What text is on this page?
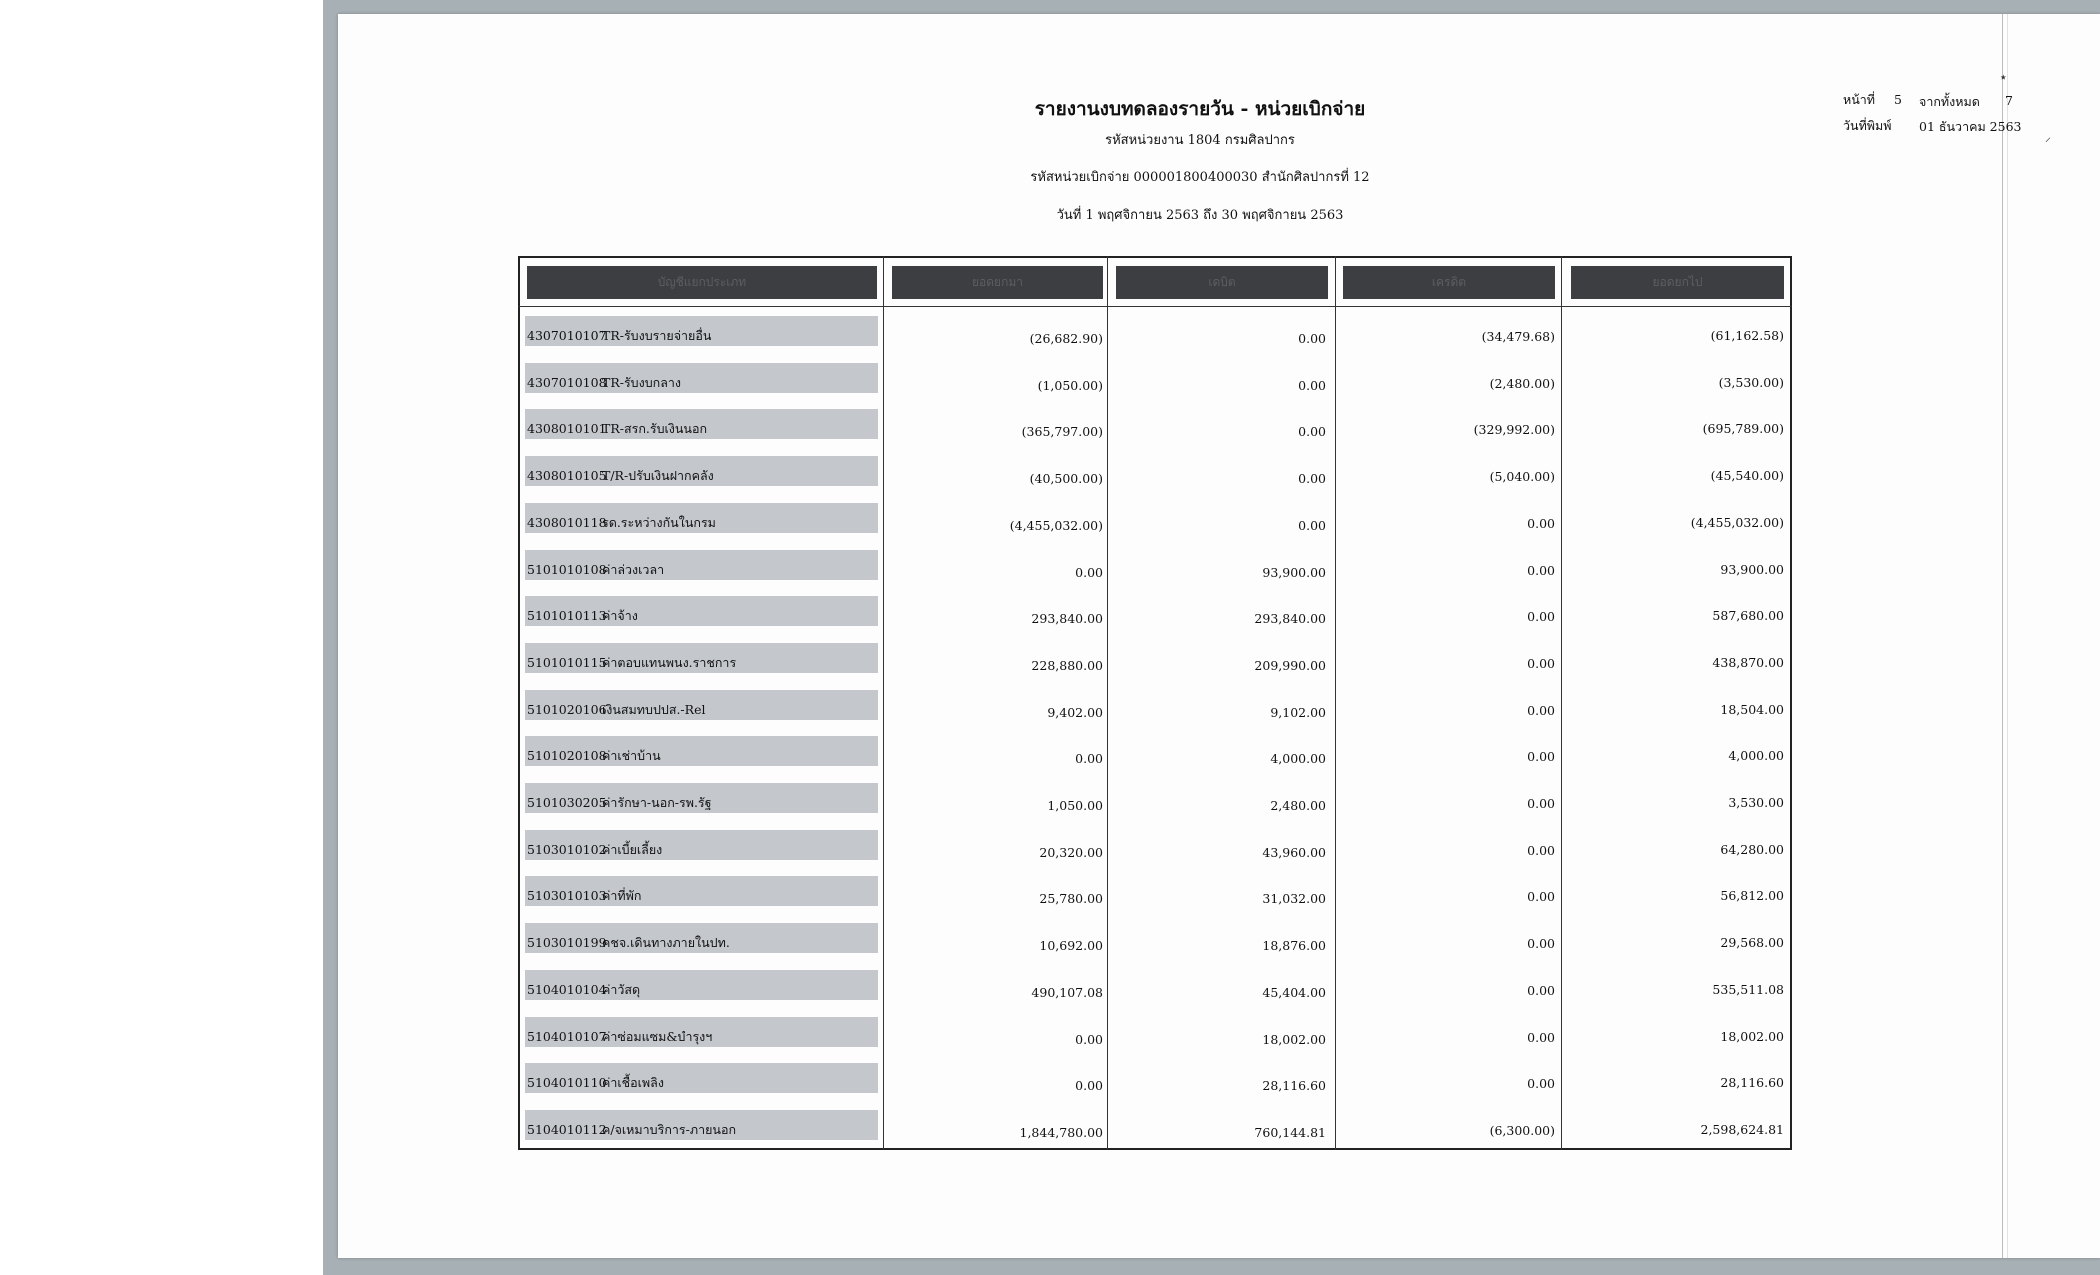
รายงานงบทดลองรายวัน - หน่วยเบิกจ่าย
รหัสหน่วยงาน 1804 กรมศิลปากร
รหัสหน่วยเบิกจ่าย 000001800400030 สำนักศิลปากรที่ 12
วันที่ 1 พฤศจิกายน 2563 ถึง 30 พฤศจิกายน 2563
หน้าที่ 5 จากทั้งหมด 7
วันที่พิมพ์ 01 ธันวาคม 2563
٭
⸝
บัญชีแยกประเภท	ยอดยกมา	เดบิต	เครดิต	ยอดยกไป
4307010107TR-รับงบรายจ่ายอื่น	(26,682.90)	0.00	(34,479.68)	(61,162.58)
4307010108TR-รับงบกลาง	(1,050.00)	0.00	(2,480.00)	(3,530.00)
4308010101TR-สรก.รับเงินนอก	(365,797.00)	0.00	(329,992.00)	(695,789.00)
4308010105T/R-ปรับเงินฝากคลัง	(40,500.00)	0.00	(5,040.00)	(45,540.00)
4308010118รด.ระหว่างกันในกรม	(4,455,032.00)	0.00	0.00	(4,455,032.00)
5101010108ค่าล่วงเวลา	0.00	93,900.00	0.00	93,900.00
5101010113ค่าจ้าง	293,840.00	293,840.00	0.00	587,680.00
5101010115ค่าตอบแทนพนง.ราชการ	228,880.00	209,990.00	0.00	438,870.00
5101020106เงินสมทบปปส.-Rel	9,402.00	9,102.00	0.00	18,504.00
5101020108ค่าเช่าบ้าน	0.00	4,000.00	0.00	4,000.00
5101030205ค่ารักษา-นอก-รพ.รัฐ	1,050.00	2,480.00	0.00	3,530.00
5103010102ค่าเบี้ยเลี้ยง	20,320.00	43,960.00	0.00	64,280.00
5103010103ค่าที่พัก	25,780.00	31,032.00	0.00	56,812.00
5103010199คชจ.เดินทางภายในปท.	10,692.00	18,876.00	0.00	29,568.00
5104010104ค่าวัสดุ	490,107.08	45,404.00	0.00	535,511.08
5104010107ค่าซ่อมแซม&บำรุงฯ	0.00	18,002.00	0.00	18,002.00
5104010110ค่าเชื้อเพลิง	0.00	28,116.60	0.00	28,116.60
5104010112ค/จเหมาบริการ-ภายนอก	1,844,780.00	760,144.81	(6,300.00)	2,598,624.81
